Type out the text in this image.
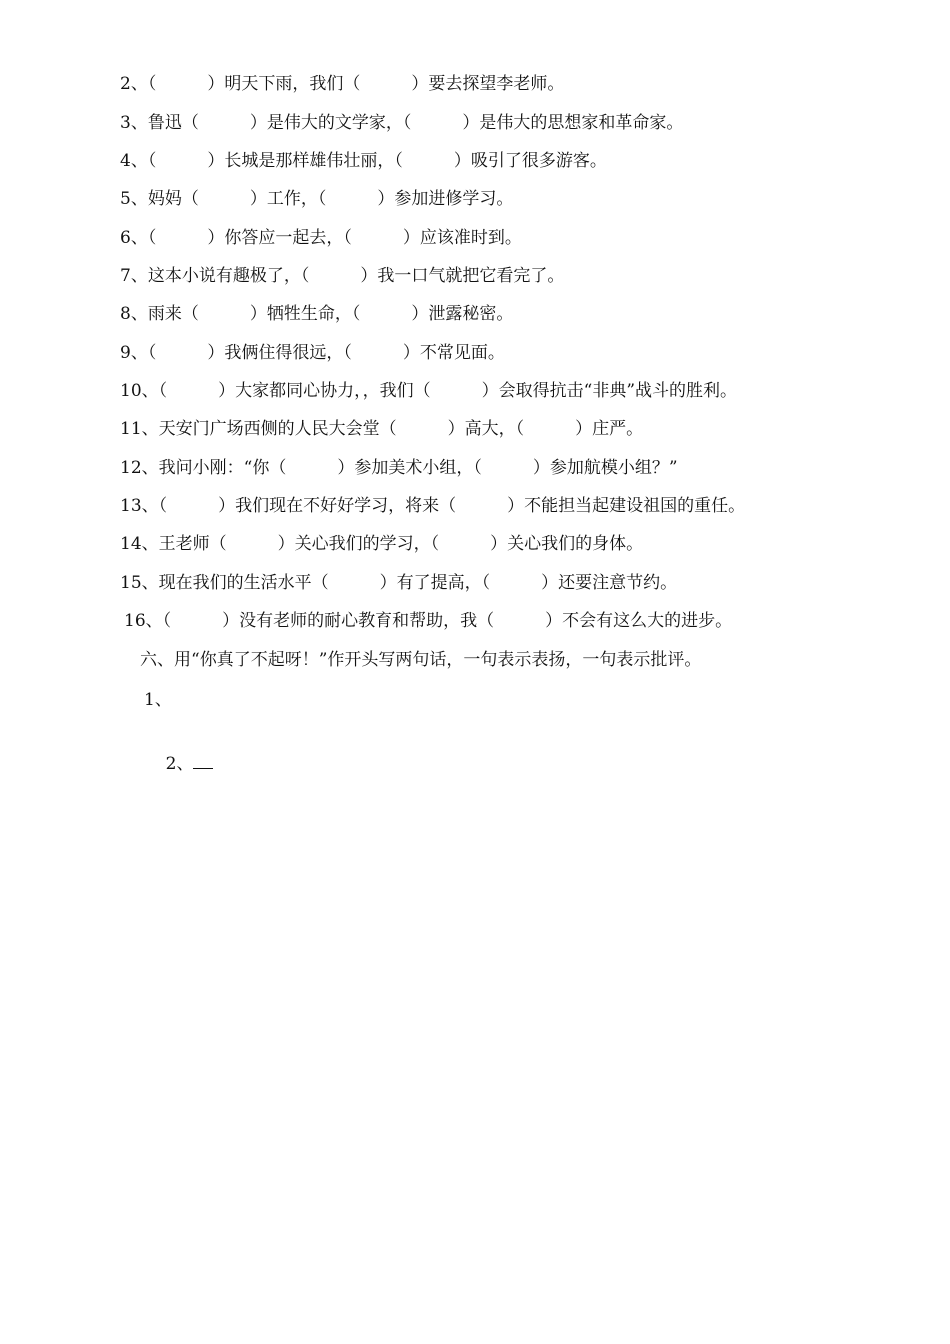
2、（　　　）明天下雨，我们（　　　）要去探望李老师。
3、鲁迅（　　　）是伟大的文学家，（　　　）是伟大的思想家和革命家。
4、（　　　）长城是那样雄伟壮丽，（　　　）吸引了很多游客。
5、妈妈（　　　）工作，（　　　）参加进修学习。
6、（　　　）你答应一起去，（　　　）应该准时到。
7、这本小说有趣极了，（　　　）我一口气就把它看完了。
8、雨来（　　　）牺牲生命，（　　　）泄露秘密。
9、（　　　）我俩住得很远，（　　　）不常见面。
10、（　　　）大家都同心协力，，我们（　　　）会取得抗击“非典”战斗的胜利。
11、天安门广场西侧的人民大会堂（　　　）高大，（　　　）庄严。
12、我问小刚：“你（　　　）参加美术小组，（　　　）参加航模小组？”
13、（　　　）我们现在不好好学习，将来（　　　）不能担当起建设祖国的重任。
14、王老师（　　　）关心我们的学习，（　　　）关心我们的身体。
15、现在我们的生活水平（　　　）有了提高，（　　　）还要注意节约。
16、（　　　）没有老师的耐心教育和帮助，我（　　　）不会有这么大的进步。
六、用“你真了不起呀！”作开头写两句话，一句表示表扬，一句表示批评。
1、

2、
